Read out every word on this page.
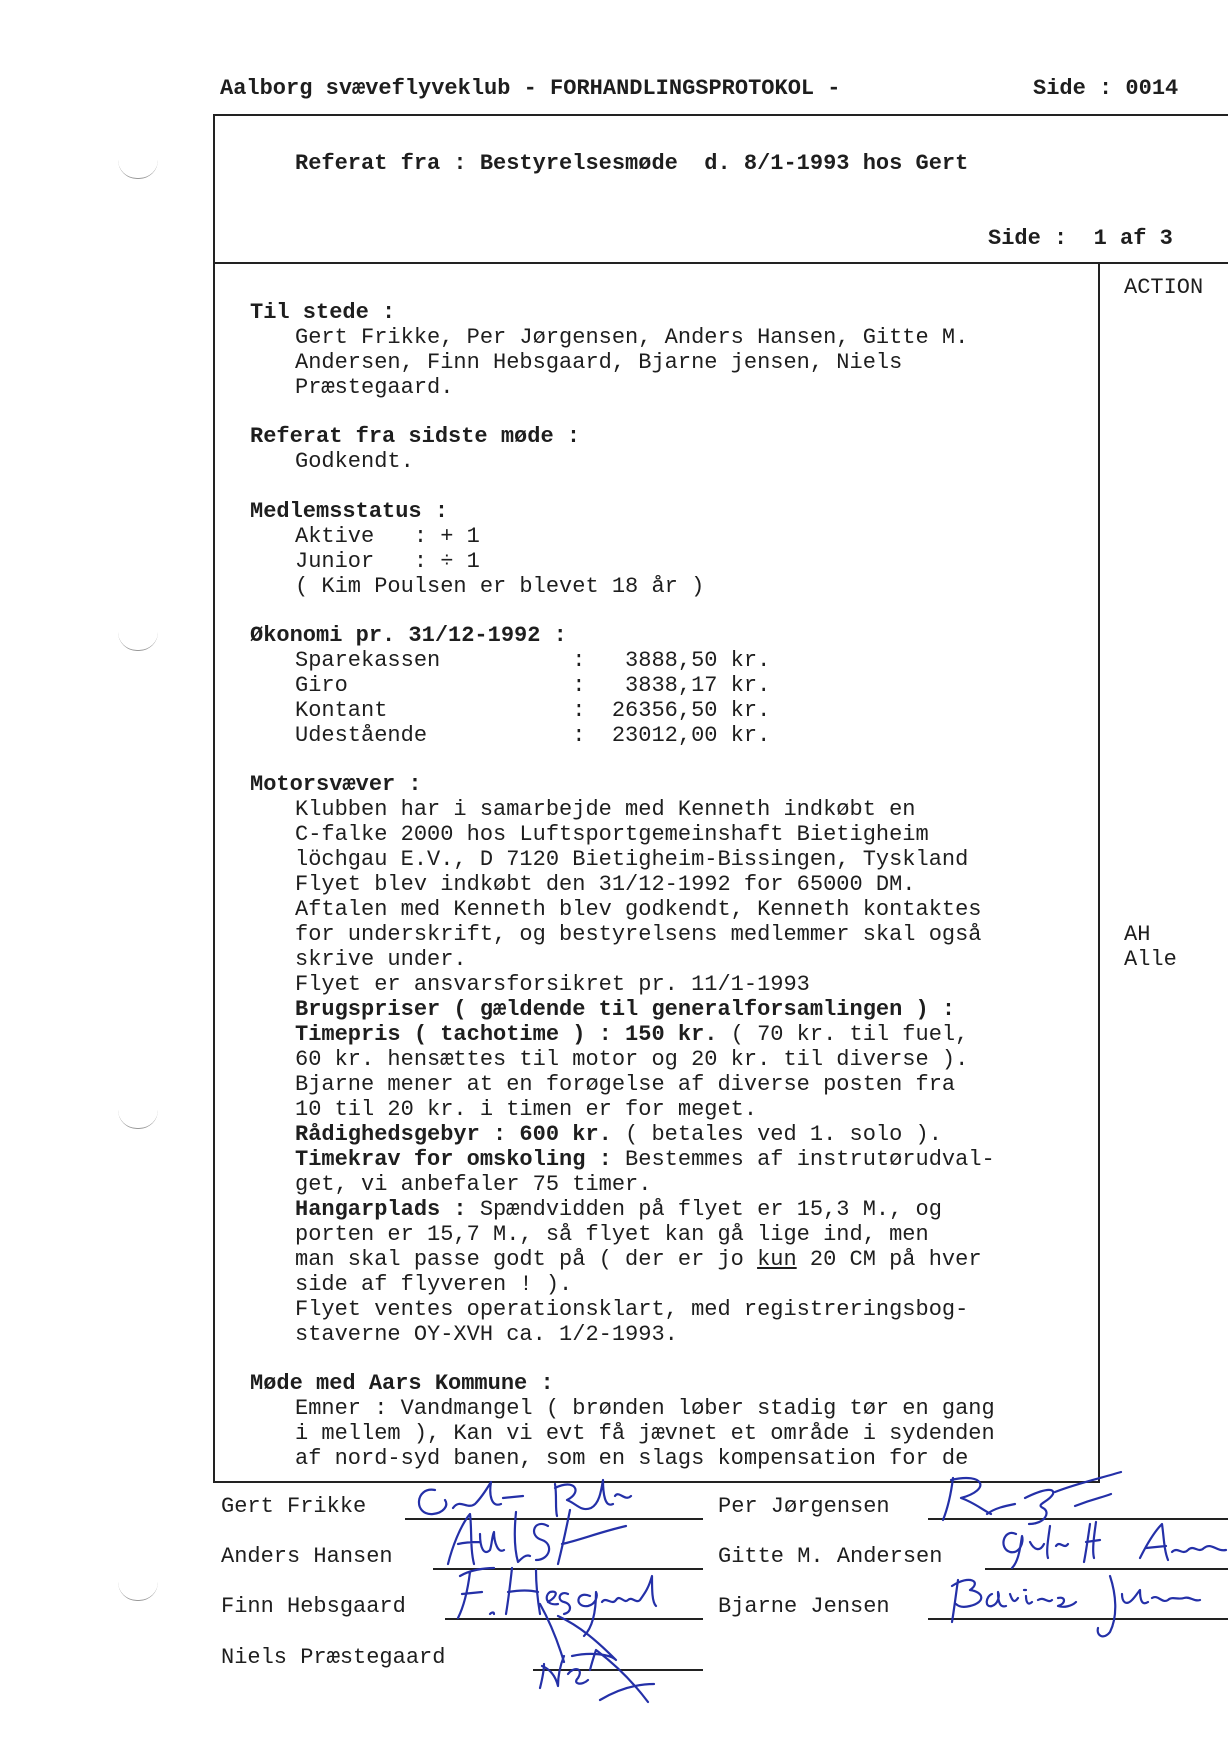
Aalborg svæveflyveklub - FORHANDLINGSPROTOKOL -	Side : 0014
Referat fra : Bestyrelsesmøde  d. 8/1-1993 hos Gert
Side :  1 af 3
ACTION
Til stede :
Gert Frikke, Per Jørgensen, Anders Hansen, Gitte M.
Andersen, Finn Hebsgaard, Bjarne jensen, Niels
Præstegaard.
Referat fra sidste møde :
Godkendt.
Medlemsstatus :
Aktive   : + 1
Junior   : ÷ 1
( Kim Poulsen er blevet 18 år )
Økonomi pr. 31/12-1992 :
Sparekassen          :   3888,50 kr.
Giro                 :   3838,17 kr.
Kontant              :  26356,50 kr.
Udestående           :  23012,00 kr.
Motorsvæver :
Klubben har i samarbejde med Kenneth indkøbt en
C-falke 2000 hos Luftsportgemeinshaft Bietigheim
löchgau E.V., D 7120 Bietigheim-Bissingen, Tyskland
Flyet blev indkøbt den 31/12-1992 for 65000 DM.
Aftalen med Kenneth blev godkendt, Kenneth kontaktes
for underskrift, og bestyrelsens medlemmer skal også
skrive under.
Flyet er ansvarsforsikret pr. 11/1-1993
Brugspriser ( gældende til generalforsamlingen ) :
Timepris ( tachotime ) : 150 kr. ( 70 kr. til fuel,
60 kr. hensættes til motor og 20 kr. til diverse ).
Bjarne mener at en forøgelse af diverse posten fra
10 til 20 kr. i timen er for meget.
Rådighedsgebyr : 600 kr. ( betales ved 1. solo ).
Timekrav for omskoling : Bestemmes af instrutørudval-
get, vi anbefaler 75 timer.
Hangarplads : Spændvidden på flyet er 15,3 M., og
porten er 15,7 M., så flyet kan gå lige ind, men
man skal passe godt på ( der er jo kun 20 CM på hver
side af flyveren ! ).
Flyet ventes operationsklart, med registreringsbog-
staverne OY-XVH ca. 1/2-1993.
AH
Alle
Møde med Aars Kommune :
Emner : Vandmangel ( brønden løber stadig tør en gang
i mellem ), Kan vi evt få jævnet et område i sydenden
af nord-syd banen, som en slags kompensation for de
Gert Frikke	Per Jørgensen
Anders Hansen	Gitte M. Andersen
Finn Hebsgaard	Bjarne Jensen
Niels Præstegaard
